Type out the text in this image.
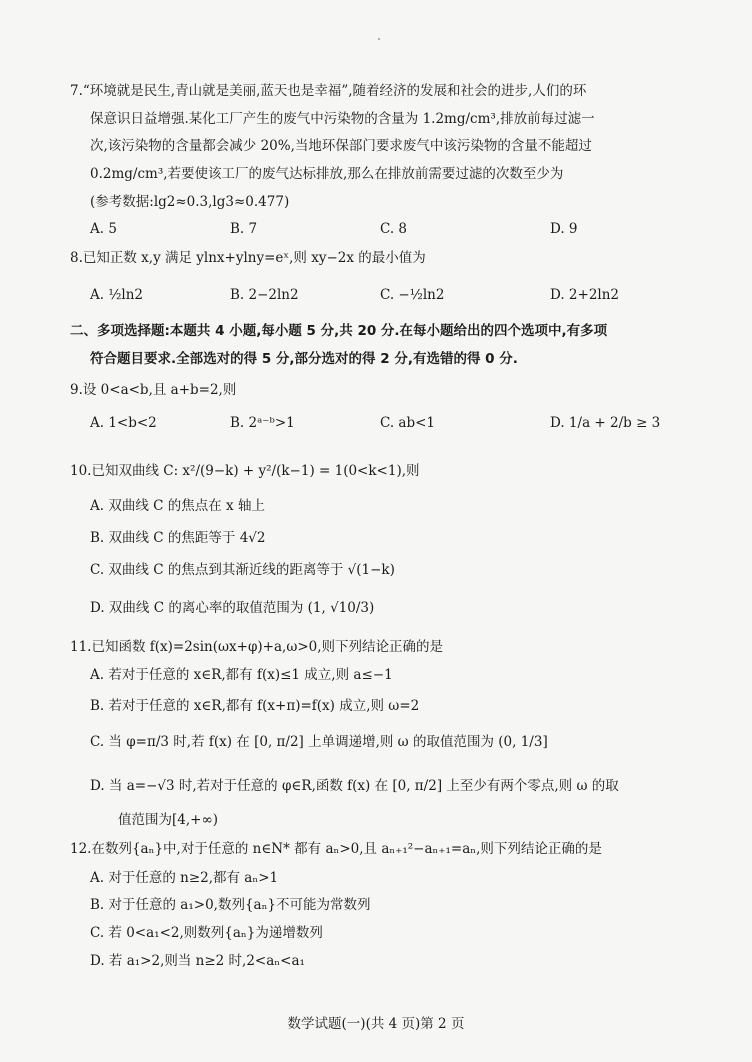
7.“环境就是民生,青山就是美丽,蓝天也是幸福”,随着经济的发展和社会的进步,人们的环
保意识日益增强.某化工厂产生的废气中污染物的含量为 1.2mg/cm³,排放前每过滤一
次,该污染物的含量都会减少 20%,当地环保部门要求废气中该污染物的含量不能超过
0.2mg/cm³,若要使该工厂的废气达标排放,那么在排放前需要过滤的次数至少为
(参考数据:lg2≈0.3,lg3≈0.477)
A. 5	B. 7	C. 8	D. 9
8.已知正数 x,y 满足 ylnx+ylny=eˣ,则 xy−2x 的最小值为
A. ½ln2	B. 2−2ln2	C. −½ln2	D. 2+2ln2
二、多项选择题:本题共 4 小题,每小题 5 分,共 20 分.在每小题给出的四个选项中,有多项
符合题目要求.全部选对的得 5 分,部分选对的得 2 分,有选错的得 0 分.
9.设 0<a<b,且 a+b=2,则
A. 1<b<2	B. 2ᵃ⁻ᵇ>1	C. ab<1	D. 1/a + 2/b ≥ 3
10.已知双曲线 C: x²/(9−k) + y²/(k−1) = 1(0<k<1),则
A. 双曲线 C 的焦点在 x 轴上
B. 双曲线 C 的焦距等于 4√2
C. 双曲线 C 的焦点到其渐近线的距离等于 √(1−k)
D. 双曲线 C 的离心率的取值范围为 (1, √10/3)
11.已知函数 f(x)=2sin(ωx+φ)+a,ω>0,则下列结论正确的是
A. 若对于任意的 x∈R,都有 f(x)≤1 成立,则 a≤−1
B. 若对于任意的 x∈R,都有 f(x+π)=f(x) 成立,则 ω=2
C. 当 φ=π/3 时,若 f(x) 在 [0, π/2] 上单调递增,则 ω 的取值范围为 (0, 1/3]
D. 当 a=−√3 时,若对于任意的 φ∈R,函数 f(x) 在 [0, π/2] 上至少有两个零点,则 ω 的取
值范围为[4,+∞)
12.在数列{aₙ}中,对于任意的 n∈N* 都有 aₙ>0,且 aₙ₊₁²−aₙ₊₁=aₙ,则下列结论正确的是
A. 对于任意的 n≥2,都有 aₙ>1
B. 对于任意的 a₁>0,数列{aₙ}不可能为常数列
C. 若 0<a₁<2,则数列{aₙ}为递增数列
D. 若 a₁>2,则当 n≥2 时,2<aₙ<a₁
数学试题(一)(共 4 页)第 2 页
